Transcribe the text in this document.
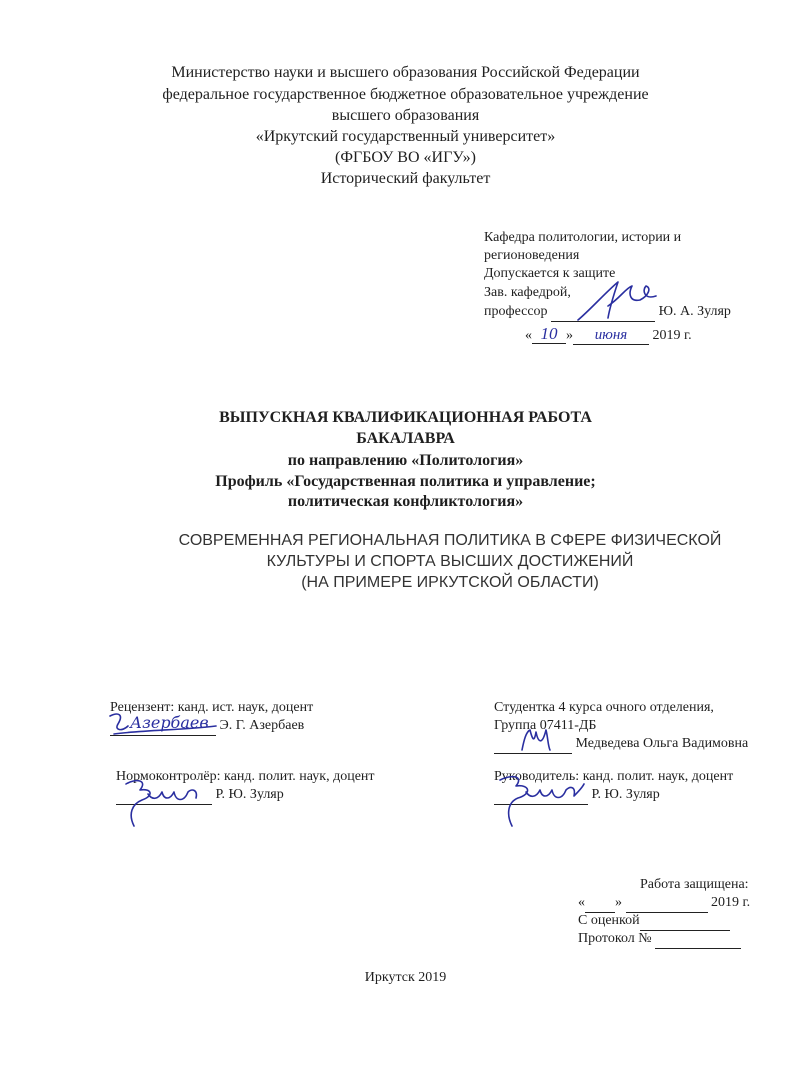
Министерство науки и высшего образования Российской Федерации
федеральное государственное бюджетное образовательное учреждение
высшего образования
«Иркутский государственный университет»
(ФГБОУ ВО «ИГУ»)
Исторический факультет
Кафедра политологии, истории и
регионоведения
Допускается к защите
Зав. кафедрой,
профессор	Ю. А. Зуляр
« 10 » июня 2019 г.
ВЫПУСКНАЯ КВАЛИФИКАЦИОННАЯ РАБОТА
БАКАЛАВРА
по направлению «Политология»
Профиль «Государственная политика и управление;
политическая конфликтология»
СОВРЕМЕННАЯ РЕГИОНАЛЬНАЯ ПОЛИТИКА В СФЕРЕ ФИЗИЧЕСКОЙ
КУЛЬТУРЫ И СПОРТА ВЫСШИХ ДОСТИЖЕНИЙ
(НА ПРИМЕРЕ ИРКУТСКОЙ ОБЛАСТИ)
Рецензент: канд. ист. наук, доцент
Э. Г. Азербаев
Азербаев
Нормоконтролёр: канд. полит. наук, доцент
Р. Ю. Зуляр
Студентка 4 курса очного отделения,
Группа 07411-ДБ
Медведева Ольга Вадимовна
Руководитель: канд. полит. наук, доцент
Р. Ю. Зуляр
Работа защищена:
« »	2019 г.
С оценкой
Протокол №
Иркутск 2019
